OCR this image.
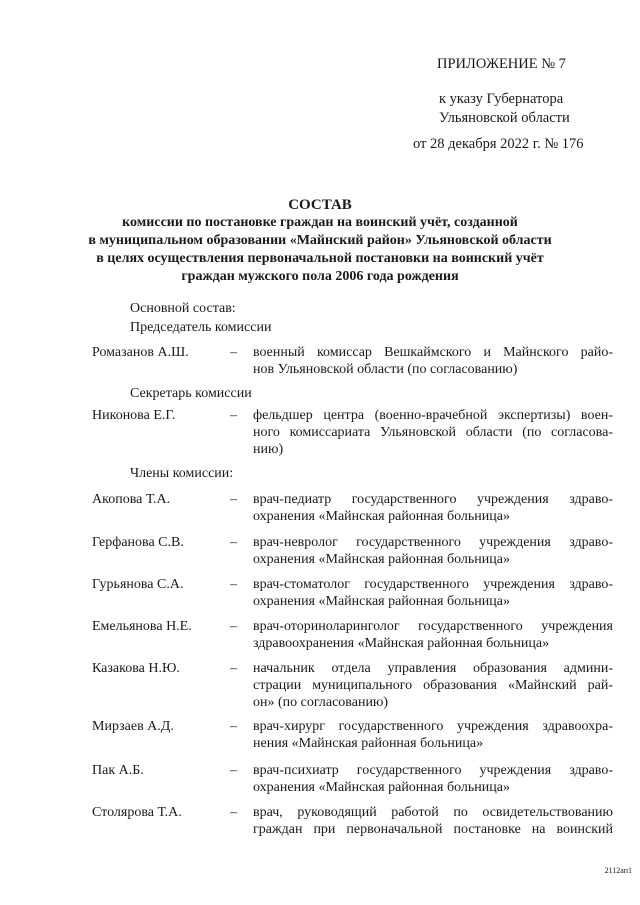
ПРИЛОЖЕНИЕ № 7
к указу Губернатора
Ульяновской области
от 28 декабря 2022 г. № 176
СОСТАВ
комиссии по постановке граждан на воинский учёт, созданной
в муниципальном образовании «Майнский район» Ульяновской области
в целях осуществления первоначальной постановки на воинский учёт
граждан мужского пола 2006 года рождения
Основной состав:
Председатель комиссии
Ромазанов А.Ш.	– военный комиссар Вешкаймского и Майнского райо-
нов Ульяновской области (по согласованию)
Секретарь комиссии
Никонова Е.Г.	– фельдшер центра (военно-врачебной экспертизы) воен-
ного комиссариата Ульяновской области (по согласова-
нию)
Члены комиссии:
Акопова Т.А.	– врач-педиатр государственного учреждения здраво-
охранения «Майнская районная больница»
Герфанова С.В.	– врач-невролог государственного учреждения здраво-
охранения «Майнская районная больница»
Гурьянова С.А.	– врач-стоматолог государственного учреждения здраво-
охранения «Майнская районная больница»
Емельянова Н.Е.	– врач-оториноларинголог государственного учреждения
здравоохранения «Майнская районная больница»
Казакова Н.Ю.	– начальник отдела управления образования админи-
страции муниципального образования «Майнский рай-
он» (по согласованию)
Мирзаев А.Д.	– врач-хирург государственного учреждения здравоохра-
нения «Майнская районная больница»
Пак А.Б.	– врач-психиатр государственного учреждения здраво-
охранения «Майнская районная больница»
Столярова Т.А.	– врач, руководящий работой по освидетельствованию
граждан при первоначальной постановке на воинский
2112ап1
